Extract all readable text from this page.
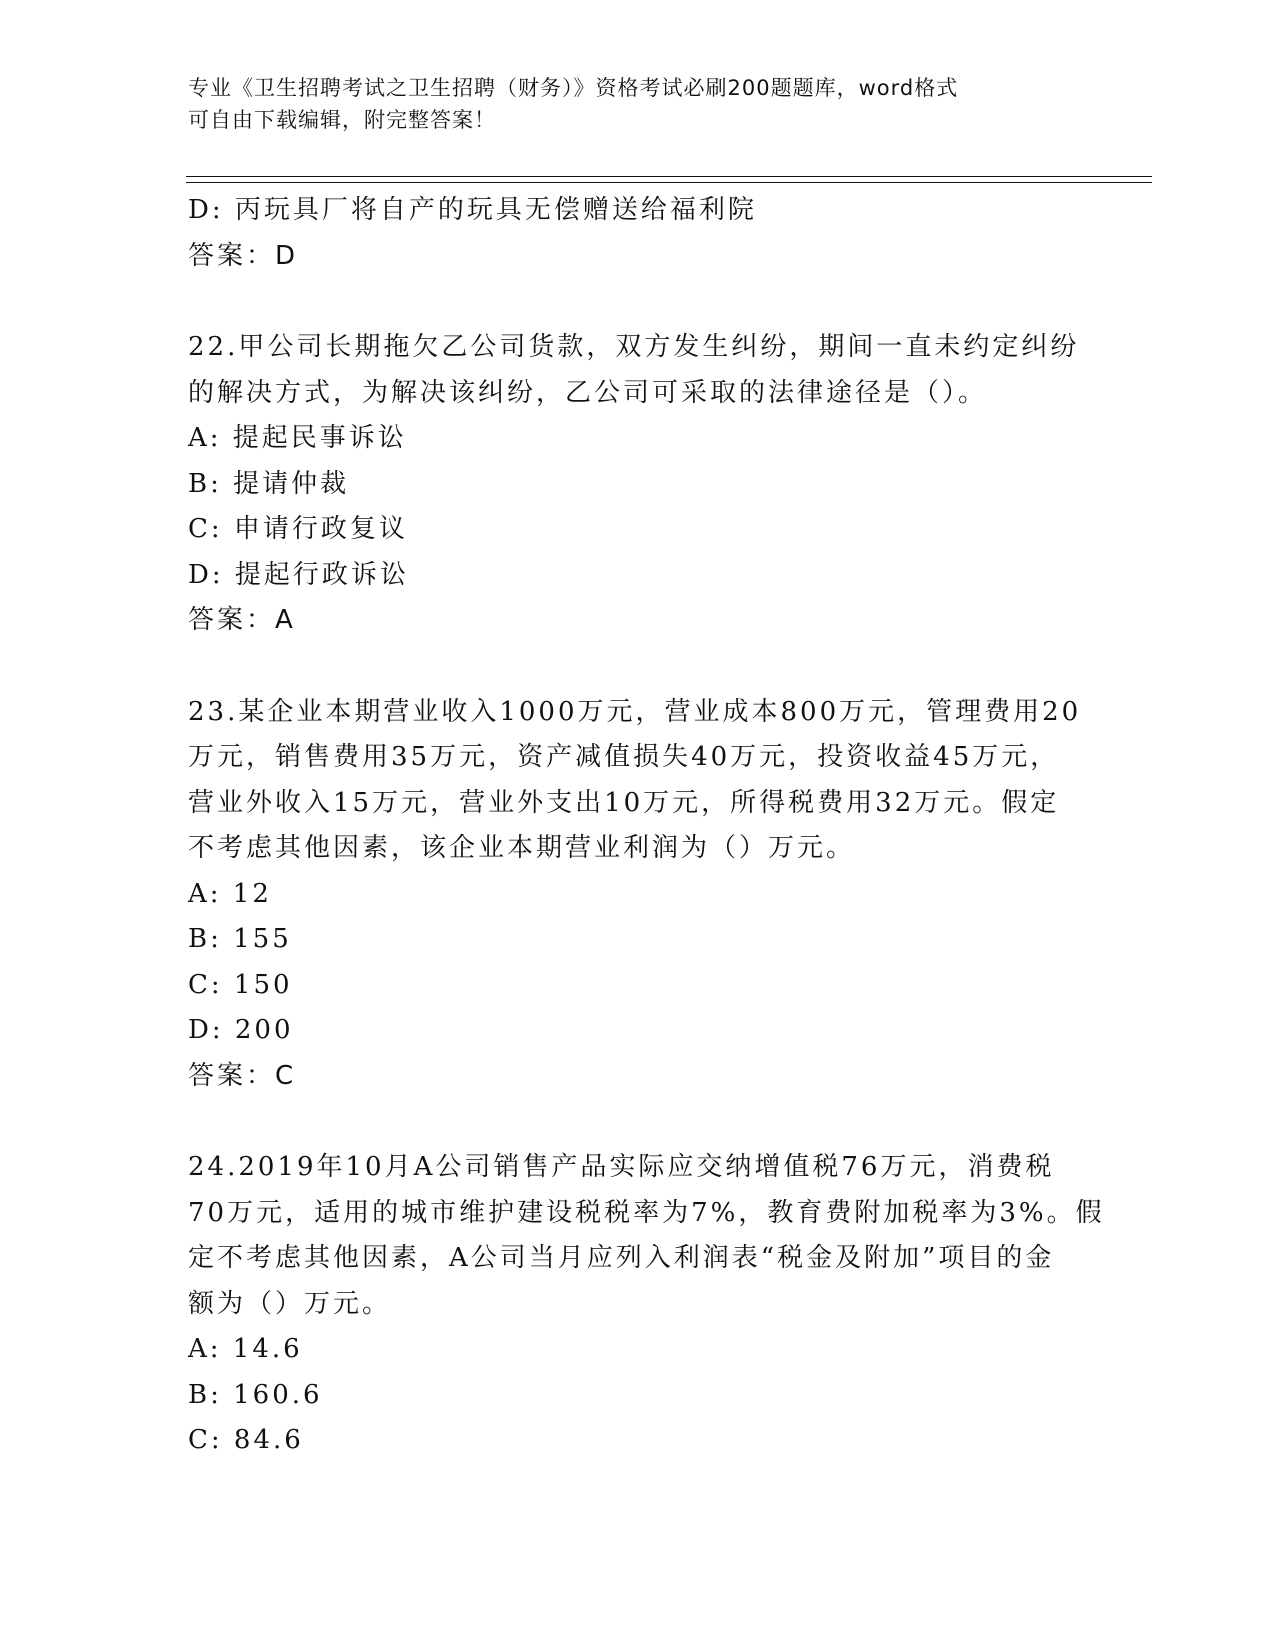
专业《卫生招聘考试之卫生招聘（财务）》资格考试必刷200题题库，word格式
可自由下载编辑，附完整答案！
D: 丙玩具厂将自产的玩具无偿赠送给福利院
答案：D
22.甲公司长期拖欠乙公司货款，双方发生纠纷，期间一直未约定纠纷
的解决方式，为解决该纠纷，乙公司可采取的法律途径是（）。
A: 提起民事诉讼
B: 提请仲裁
C: 申请行政复议
D: 提起行政诉讼
答案：A
23.某企业本期营业收入1000万元，营业成本800万元，管理费用20
万元，销售费用35万元，资产减值损失40万元，投资收益45万元，
营业外收入15万元，营业外支出10万元，所得税费用32万元。假定
不考虑其他因素，该企业本期营业利润为（）万元。
A: 12
B: 155
C: 150
D: 200
答案：C
24.2019年10月A公司销售产品实际应交纳增值税76万元，消费税
70万元，适用的城市维护建设税税率为7%，教育费附加税率为3%。假
定不考虑其他因素，A公司当月应列入利润表“税金及附加”项目的金
额为（）万元。
A: 14.6
B: 160.6
C: 84.6
